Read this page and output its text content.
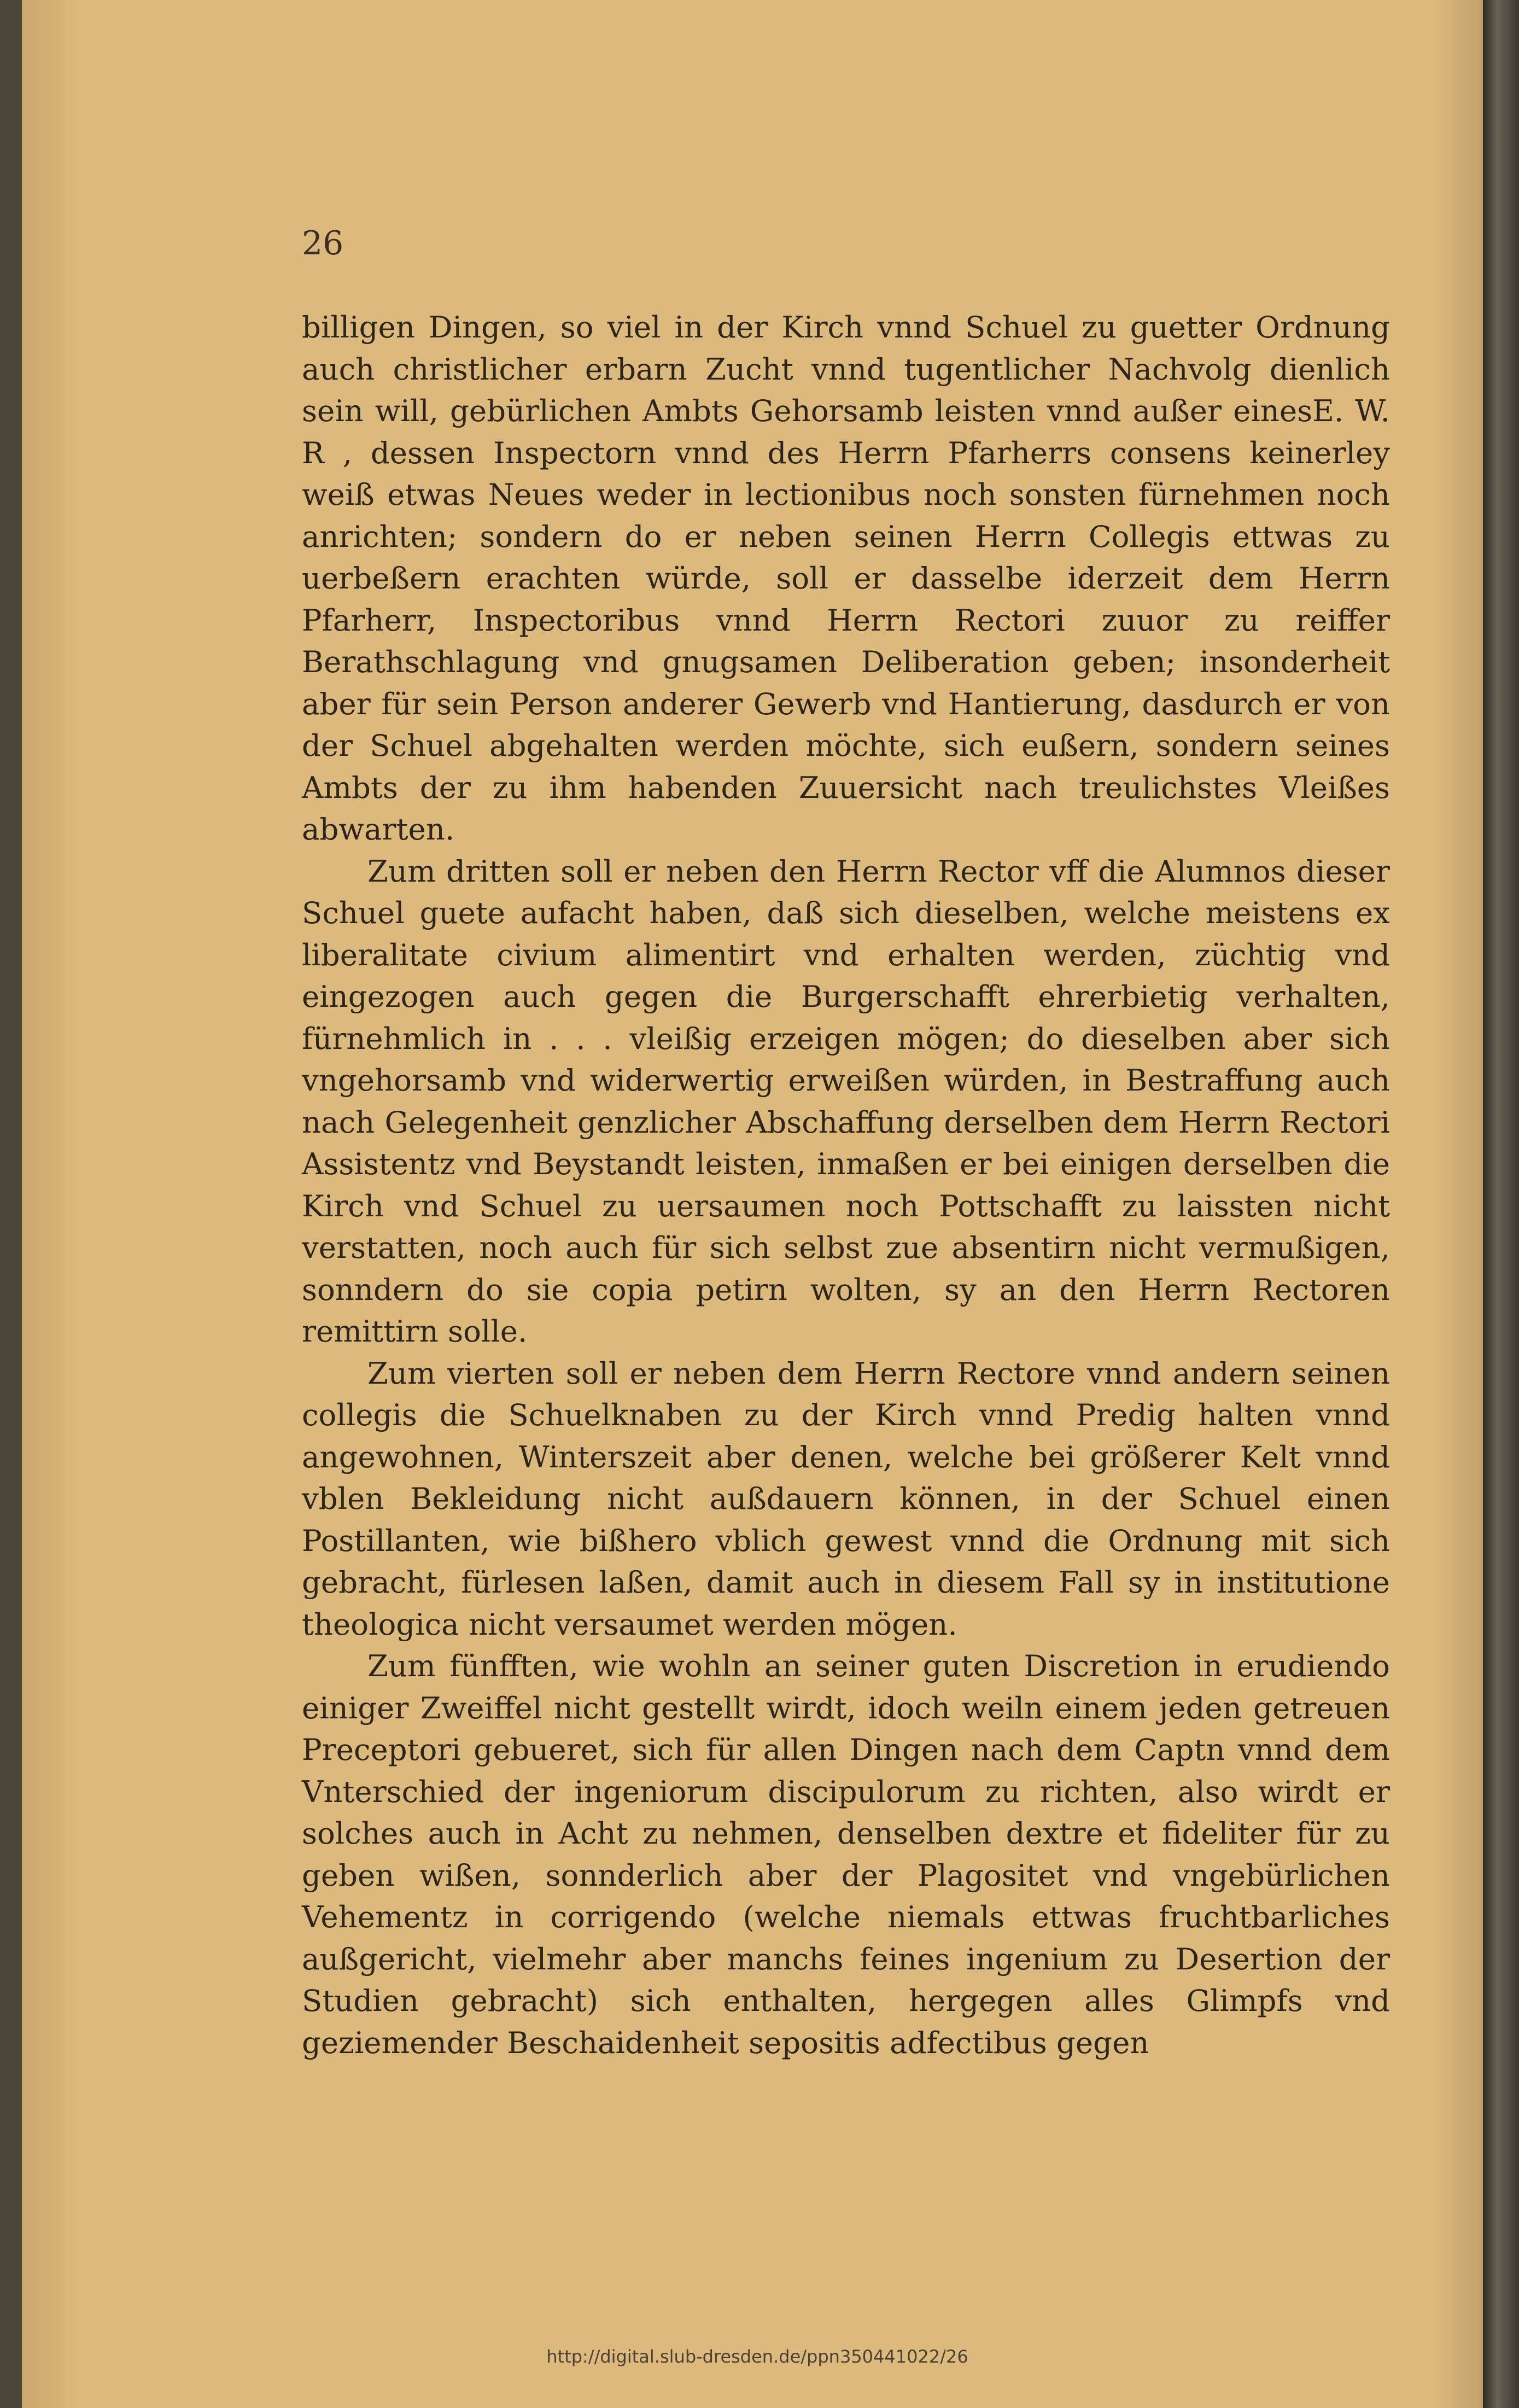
26

billigen Dingen, so viel in der Kirch vnnd Schuel zu guetter Ordnung auch christlicher erbarn Zucht vnnd tugentlicher Nachvolg dienlich sein will, gebürlichen Ambts Gehorsamb leisten vnnd außer einesE. W. R , dessen Inspectorn vnnd des Herrn Pfarherrs consens keinerley weiß etwas Neues weder in lectionibus noch sonsten fürnehmen noch anrichten; sondern do er neben seinen Herrn Collegis ettwas zu uerbeßern erachten würde, soll er dasselbe iderzeit dem Herrn Pfarherr, Inspectoribus vnnd Herrn Rectori zuuor zu reiffer Berathschlagung vnd gnugsamen Deliberation geben; insonderheit aber für sein Person anderer Gewerb vnd Hantierung, dasdurch er von der Schuel abgehalten werden möchte, sich eußern, sondern seines Ambts der zu ihm habenden Zuuersicht nach treulichstes Vleißes abwarten.

Zum dritten soll er neben den Herrn Rector vff die Alumnos dieser Schuel guete aufacht haben, daß sich dieselben, welche meistens ex liberalitate civium alimentirt vnd erhalten werden, züchtig vnd eingezogen auch gegen die Burgerschafft ehrerbietig verhalten, fürnehmlich in . . . vleißig erzeigen mögen; do dieselben aber sich vngehorsamb vnd widerwertig erweißen würden, in Bestraffung auch nach Gelegenheit genzlicher Abschaffung derselben dem Herrn Rectori Assistentz vnd Beystandt leisten, inmaßen er bei einigen derselben die Kirch vnd Schuel zu uersaumen noch Pottschafft zu laissten nicht verstatten, noch auch für sich selbst zue absentirn nicht vermußigen, sonndern do sie copia petirn wolten, sy an den Herrn Rectoren remittirn solle.

Zum vierten soll er neben dem Herrn Rectore vnnd andern seinen collegis die Schuelknaben zu der Kirch vnnd Predig halten vnnd angewohnen, Winterszeit aber denen, welche bei größerer Kelt vnnd vblen Bekleidung nicht außdauern können, in der Schuel einen Postillanten, wie bißhero vblich gewest vnnd die Ordnung mit sich gebracht, fürlesen laßen, damit auch in diesem Fall sy in institutione theologica nicht versaumet werden mögen.

Zum fünfften, wie wohln an seiner guten Discretion in erudiendo einiger Zweiffel nicht gestellt wirdt, idoch weiln einem jeden getreuen Preceptori gebueret, sich für allen Dingen nach dem Captn vnnd dem Vnterschied der ingeniorum discipulorum zu richten, also wirdt er solches auch in Acht zu nehmen, denselben dextre et fideliter für zu geben wißen, sonnderlich aber der Plagositet vnd vngebürlichen Vehementz in corrigendo (welche niemals ettwas fruchtbarliches außgericht, vielmehr aber manchs feines ingenium zu Desertion der Studien gebracht) sich enthalten, hergegen alles Glimpfs vnd geziemender Beschaidenheit sepositis adfectibus gegen

http://digital.slub-dresden.de/ppn350441022/26
